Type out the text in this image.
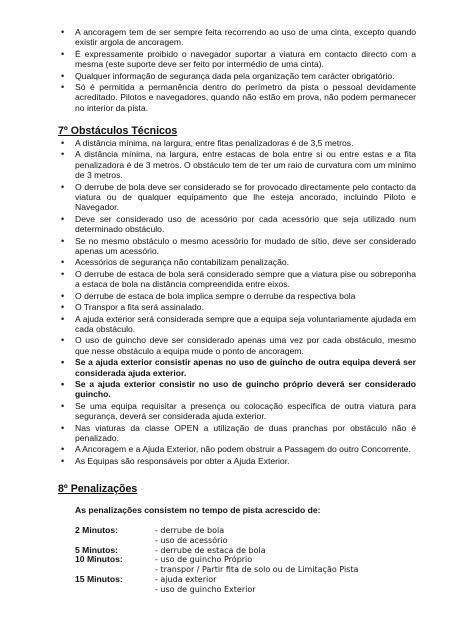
• A ancoragem tem de ser sempre feita recorrendo ao uso de uma cinta, excepto quando existir argola de ancoragem.
• É expressamente proibido o navegador suportar a viatura em contacto directo com a mesma (este suporte deve ser feito por intermédio de uma cinta).
• Qualquer informação de segurança dada pela organização tem carácter obrigatório.
• Só é permitida a permanência dentro do perímetro da pista o pessoal devidamente acreditado. Pilotos e navegadores, quando não estão em prova, não podem permanecer no interior da pista.
7º Obstáculos Técnicos
• A distância mínima, na largura, entre fitas penalizadoras é de 3,5 metros.
• A distância mínima, na largura, entre estacas de bola entre si ou entre estas e a fita penalizadora é de 3 metros. O obstáculo tem de ter um raio de curvatura com um mínimo de 3 metros.
• O derrube de bola deve ser considerado se for provocado directamente pelo contacto da viatura ou de qualquer equipamento que lhe esteja ancorado, incluindo Piloto e Navegador.
• Deve ser considerado uso de acessório por cada acessório que seja utilizado num determinado obstáculo.
• Se no mesmo obstáculo o mesmo acessório for mudado de sítio, deve ser considerado apenas um acessório.
• Acessórios de segurança não contabilizam penalização.
• O derrube de estaca de bola será considerado sempre que a viatura pise ou sobreponha a estaca de bola na distância compreendida entre eixos.
• O derrube de estaca de bola implica sempre o derrube da respectiva bola
• O Transpor a fita será assinalado.
• A ajuda exterior será considerada sempre que a equipa seja voluntariamente ajudada em cada obstáculo.
• O uso de guincho deve ser considerado apenas uma vez por cada obstáculo, mesmo que nesse obstáculo a equipa mude o ponto de ancoragem.
• Se a ajuda exterior consistir apenas no uso de guincho de outra equipa deverá ser considerada ajuda exterior.
• Se a ajuda exterior consistir no uso de guincho próprio deverá ser considerado guincho.
• Se uma equipa requisitar a presença ou colocação específica de outra viatura para segurança, deverá ser considerada ajuda exterior.
• Nas viaturas da classe OPEN a utilização de duas pranchas por obstáculo não é penalizado.
• A Ancoragem e a Ajuda Exterior, não podem obstruir a Passagem do outro Concorrente.
• As Equipas são responsáveis por obter a Ajuda Exterior.
8º Penalizações
As penalizações consistem no tempo de pista acrescido de:
2 Minutos:	- derrube de bola
	- uso de acessório
5 Minutos:	- derrube de estaca de bola
10 Minutos:	- uso de guincho Próprio
	- transpor / Partir fita de solo ou de Limitação Pista
15 Minutos:	- ajuda exterior
	- uso de guincho Exterior
